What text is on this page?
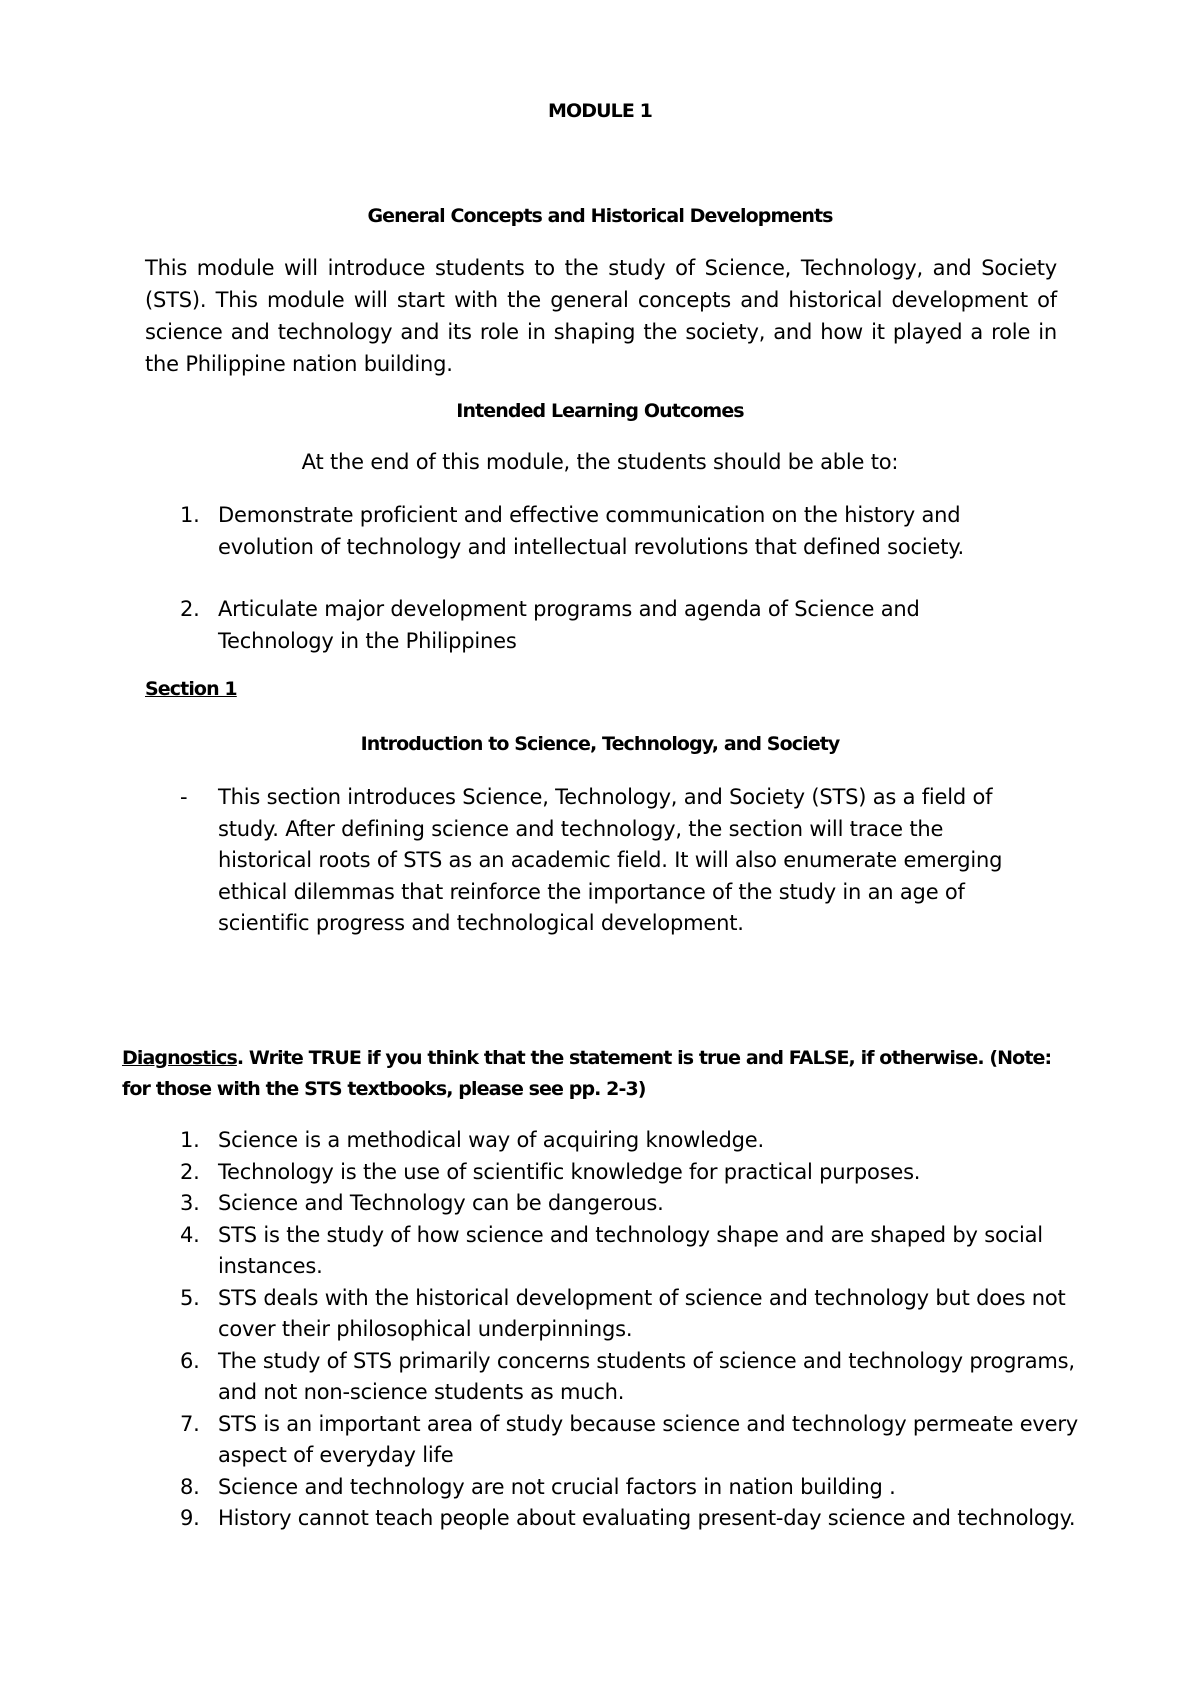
MODULE 1
General Concepts and Historical Developments
This module will introduce students to the study of Science, Technology, and Society (STS). This module will start with the general concepts and historical development of science and technology and its role in shaping the society, and how it played a role in the Philippine nation building.
Intended Learning Outcomes
At the end of this module, the students should be able to:
1. Demonstrate proficient and effective communication on the history and evolution of technology and intellectual revolutions that defined society.
2. Articulate major development programs and agenda of Science and Technology in the Philippines
Section 1
Introduction to Science, Technology, and Society
-	This section introduces Science, Technology, and Society (STS) as a field of study. After defining science and technology, the section will trace the historical roots of STS as an academic field. It will also enumerate emerging ethical dilemmas that reinforce the importance of the study in an age of scientific progress and technological development.
Diagnostics. Write TRUE if you think that the statement is true and FALSE, if otherwise. (Note: for those with the STS textbooks, please see pp. 2-3)
1. Science is a methodical way of acquiring knowledge.
2. Technology is the use of scientific knowledge for practical purposes.
3. Science and Technology can be dangerous.
4. STS is the study of how science and technology shape and are shaped by social instances.
5. STS deals with the historical development of science and technology but does not cover their philosophical underpinnings.
6. The study of STS primarily concerns students of science and technology programs, and not non-science students as much.
7. STS is an important area of study because science and technology permeate every aspect of everyday life
8. Science and technology are not crucial factors in nation building .
9. History cannot teach people about evaluating present-day science and technology.
